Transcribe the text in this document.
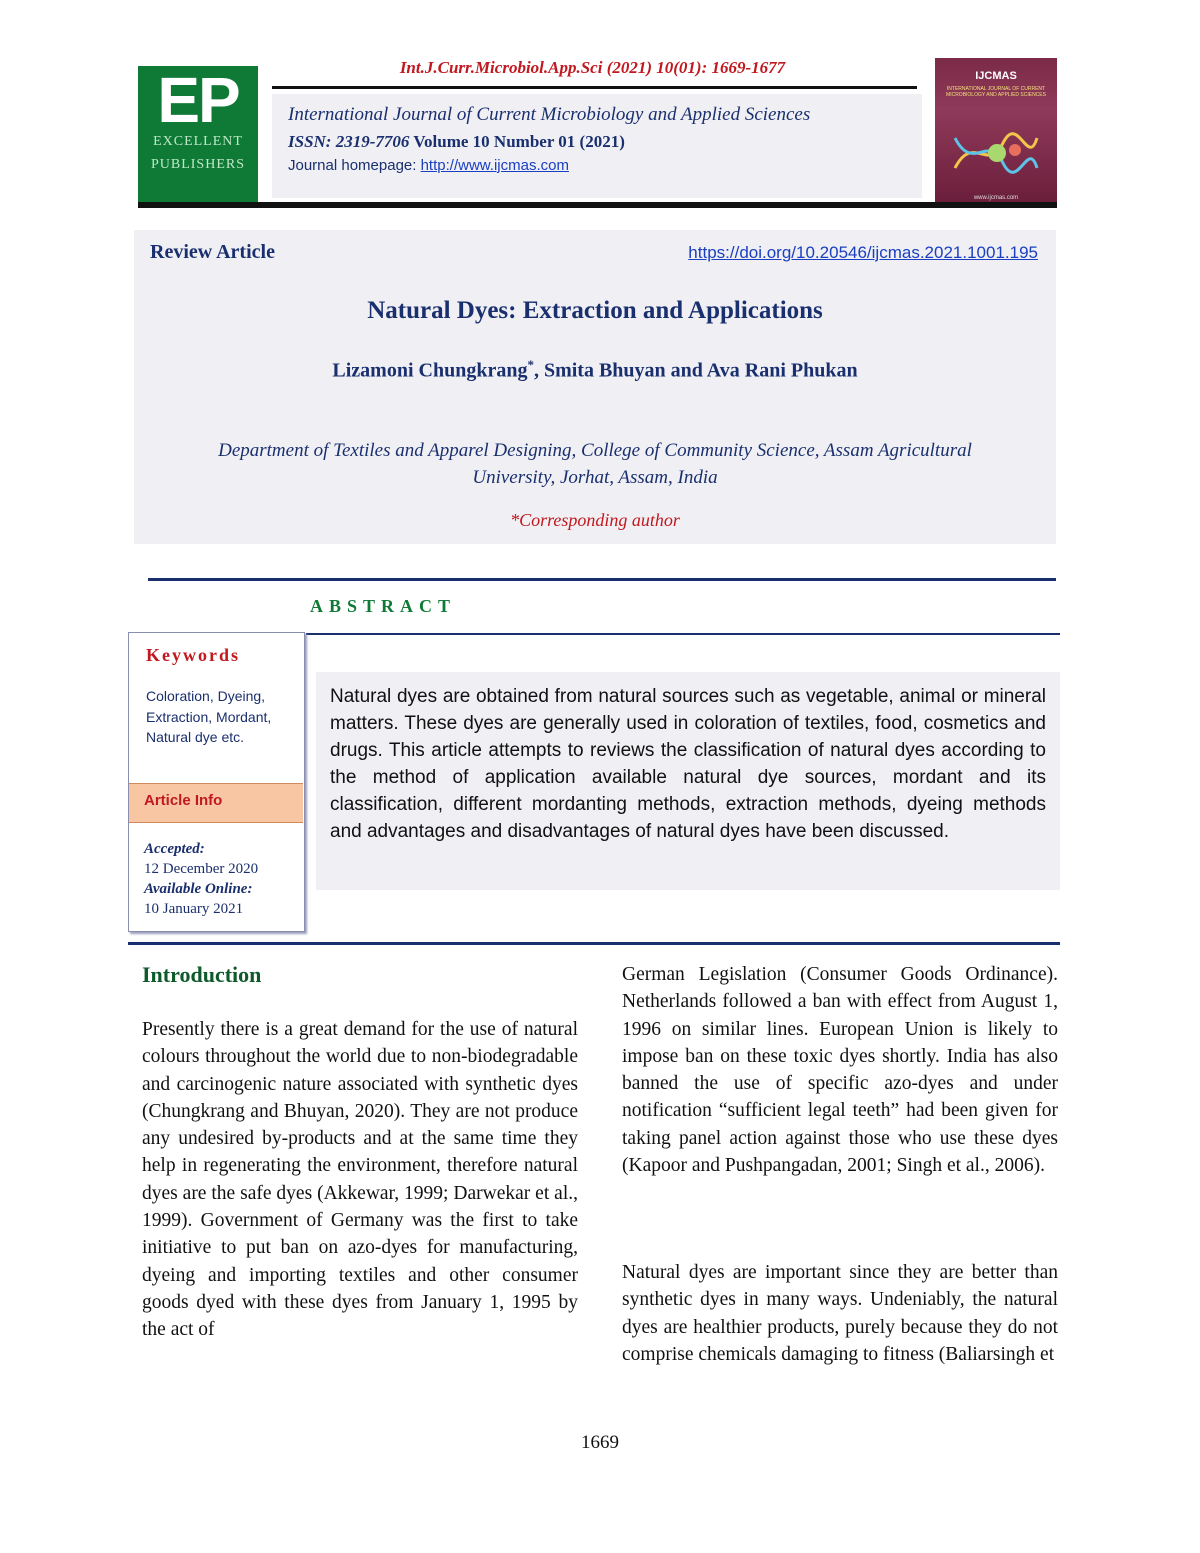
Int.J.Curr.Microbiol.App.Sci (2021) 10(01): 1669-1677
EP
EXCELLENT
PUBLISHERS
International Journal of Current Microbiology and Applied Sciences
ISSN: 2319-7706 Volume 10 Number 01 (2021)
Journal homepage: http://www.ijcmas.com
IJCMAS
INTERNATIONAL JOURNAL OF CURRENT MICROBIOLOGY AND APPLIED SCIENCES
www.ijcmas.com
Review Article	https://doi.org/10.20546/ijcmas.2021.1001.195
Natural Dyes: Extraction and Applications
Lizamoni Chungkrang*, Smita Bhuyan and Ava Rani Phukan
Department of Textiles and Apparel Designing, College of Community Science, Assam Agricultural University, Jorhat, Assam, India
*Corresponding author
ABSTRACT
Keywords
Coloration, Dyeing, Extraction, Mordant, Natural dye etc.
Article Info
Accepted:
12 December 2020
Available Online:
10 January 2021
Natural dyes are obtained from natural sources such as vegetable, animal or mineral matters. These dyes are generally used in coloration of textiles, food, cosmetics and drugs. This article attempts to reviews the classification of natural dyes according to the method of application available natural dye sources, mordant and its classification, different mordanting methods, extraction methods, dyeing methods and advantages and disadvantages of natural dyes have been discussed.
Introduction

Presently there is a great demand for the use of natural colours throughout the world due to non-biodegradable and carcinogenic nature associated with synthetic dyes (Chungkrang and Bhuyan, 2020). They are not produce any undesired by-products and at the same time they help in regenerating the environment, therefore natural dyes are the safe dyes (Akkewar, 1999; Darwekar et al., 1999). Government of Germany was the first to take initiative to put ban on azo-dyes for manufacturing, dyeing and importing textiles and other consumer goods dyed with these dyes from January 1, 1995 by the act of

German Legislation (Consumer Goods Ordinance). Netherlands followed a ban with effect from August 1, 1996 on similar lines. European Union is likely to impose ban on these toxic dyes shortly. India has also banned the use of specific azo-dyes and under notification “sufficient legal teeth” had been given for taking panel action against those who use these dyes (Kapoor and Pushpangadan, 2001; Singh et al., 2006).

Natural dyes are important since they are better than synthetic dyes in many ways. Undeniably, the natural dyes are healthier products, purely because they do not comprise chemicals damaging to fitness (Baliarsingh et

1669
